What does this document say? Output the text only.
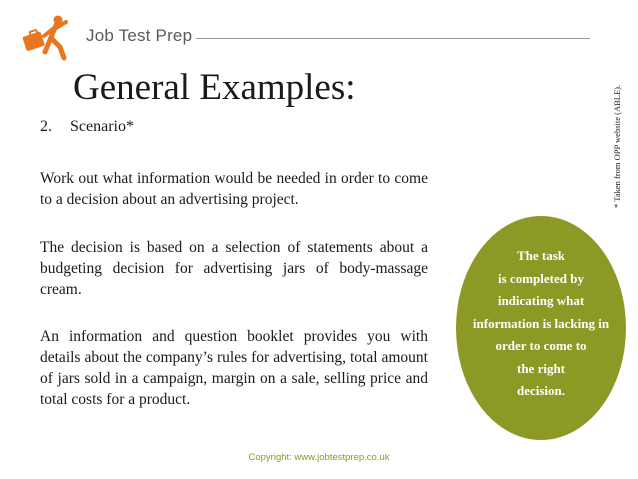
Job Test Prep
General Examples:	* Taken from OPP website (ABLE).
2. Scenario*

Work out what information would be needed in order to come to a decision about an advertising project.

The decision is based on a selection of statements about a budgeting decision for advertising jars of body-massage cream.

An information and question booklet provides you with details about the company’s rules for advertising, total amount of jars sold in a campaign, margin on a sale, selling price and total costs for a product.

The task
is completed by
indicating what
information is lacking in
order to come to
the right
decision.
Copyright: www.jobtestprep.co.uk
